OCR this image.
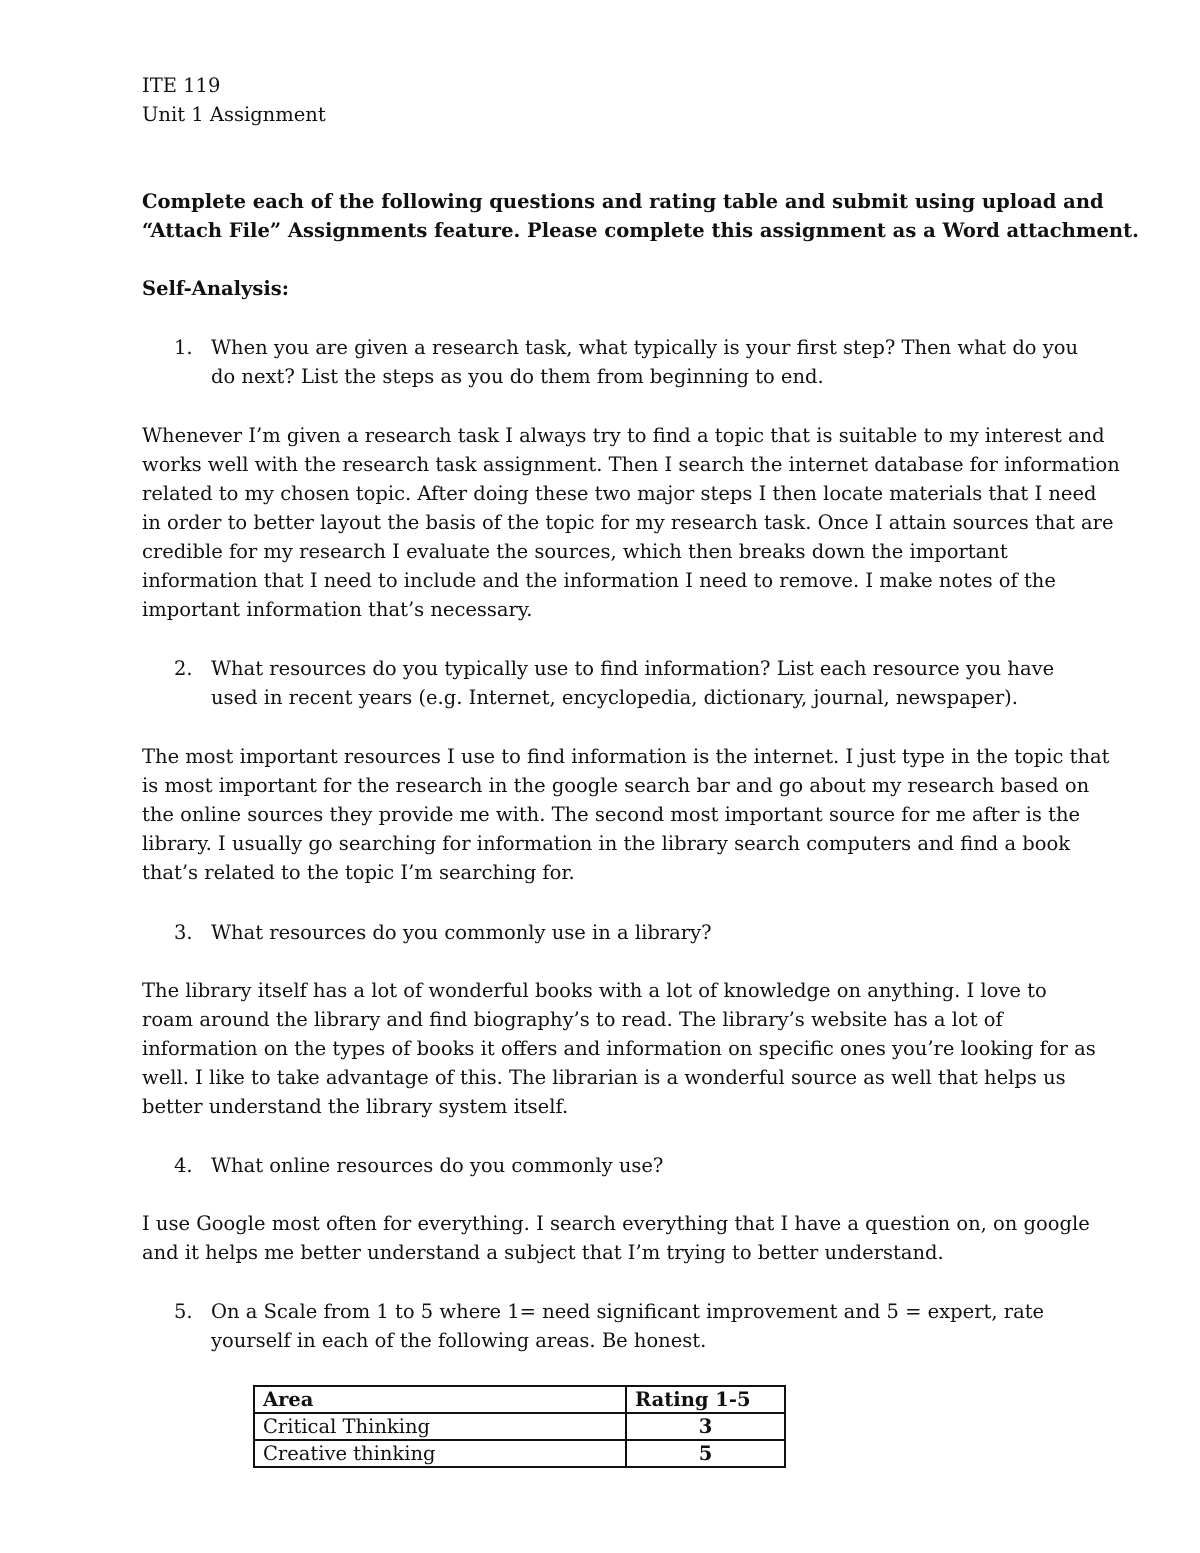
ITE 119

Unit 1 Assignment

Complete each of the following questions and rating table and submit using upload and

“Attach File” Assignments feature. Please complete this assignment as a Word attachment.

Self-Analysis:

1. When you are given a research task, what typically is your first step? Then what do you

do next? List the steps as you do them from beginning to end.

Whenever I’m given a research task I always try to find a topic that is suitable to my interest and

works well with the research task assignment. Then I search the internet database for information

related to my chosen topic. After doing these two major steps I then locate materials that I need

in order to better layout the basis of the topic for my research task. Once I attain sources that are

credible for my research I evaluate the sources, which then breaks down the important

information that I need to include and the information I need to remove. I make notes of the

important information that’s necessary.

2. What resources do you typically use to find information? List each resource you have

used in recent years (e.g. Internet, encyclopedia, dictionary, journal, newspaper).

The most important resources I use to find information is the internet. I just type in the topic that

is most important for the research in the google search bar and go about my research based on

the online sources they provide me with. The second most important source for me after is the

library. I usually go searching for information in the library search computers and find a book

that’s related to the topic I’m searching for.

3. What resources do you commonly use in a library?

The library itself has a lot of wonderful books with a lot of knowledge on anything. I love to

roam around the library and find biography’s to read. The library’s website has a lot of

information on the types of books it offers and information on specific ones you’re looking for as

well. I like to take advantage of this. The librarian is a wonderful source as well that helps us

better understand the library system itself.

4. What online resources do you commonly use?

I use Google most often for everything. I search everything that I have a question on, on google

and it helps me better understand a subject that I’m trying to better understand.

5. On a Scale from 1 to 5 where 1= need significant improvement and 5 = expert, rate

yourself in each of the following areas. Be honest.

Area	Rating 1-5
Critical Thinking	3
Creative thinking	5
